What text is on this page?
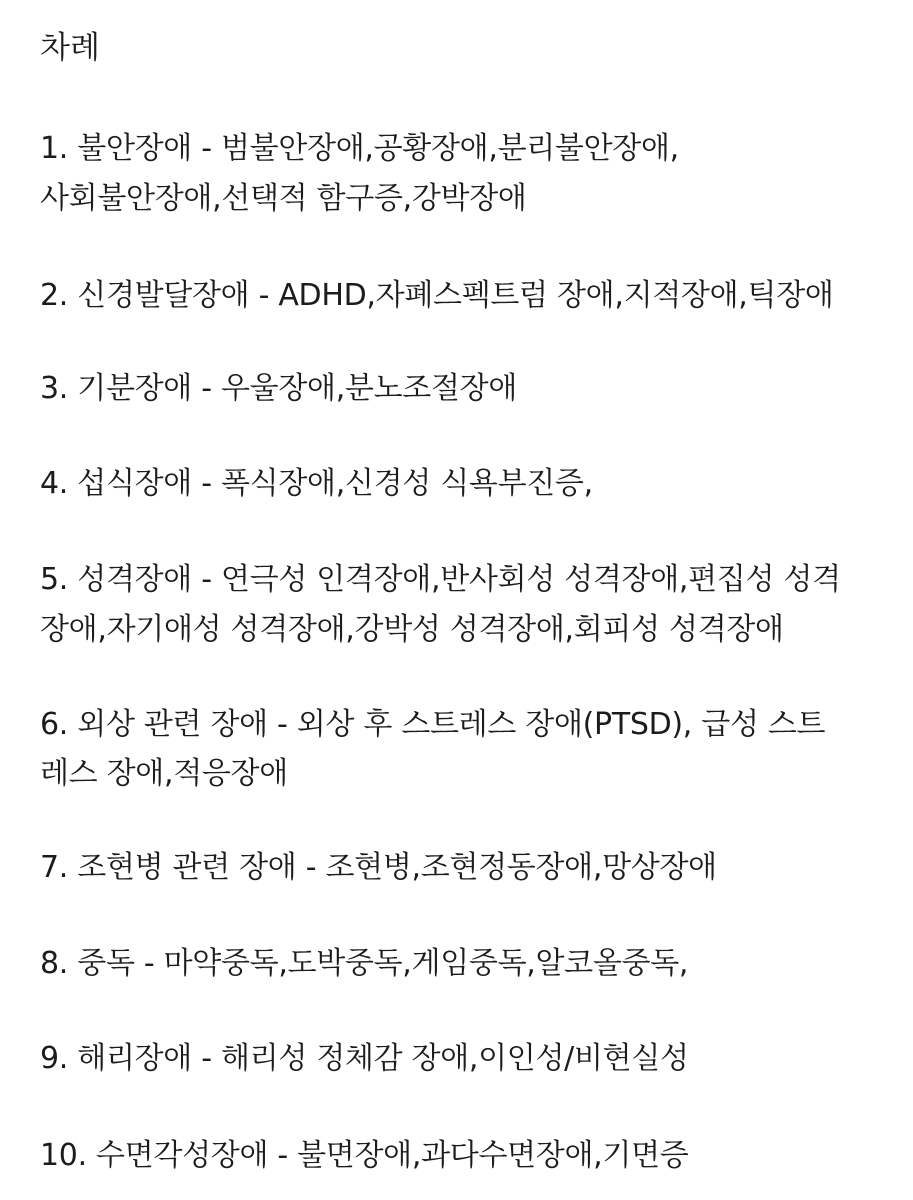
차례
1. 불안장애 - 범불안장애,공황장애,분리불안장애,
사회불안장애,선택적 함구증,강박장애
2. 신경발달장애 - ADHD,자폐스펙트럼 장애,지적장애,틱장애
3. 기분장애 - 우울장애,분노조절장애
4. 섭식장애 - 폭식장애,신경성 식욕부진증,
5. 성격장애 - 연극성 인격장애,반사회성 성격장애,편집성 성격
장애,자기애성 성격장애,강박성 성격장애,회피성 성격장애
6. 외상 관련 장애 - 외상 후 스트레스 장애(PTSD), 급성 스트
레스 장애,적응장애
7. 조현병 관련 장애 - 조현병,조현정동장애,망상장애
8. 중독 - 마약중독,도박중독,게임중독,알코올중독,
9. 해리장애 - 해리성 정체감 장애,이인성/비현실성
10. 수면각성장애 - 불면장애,과다수면장애,기면증
